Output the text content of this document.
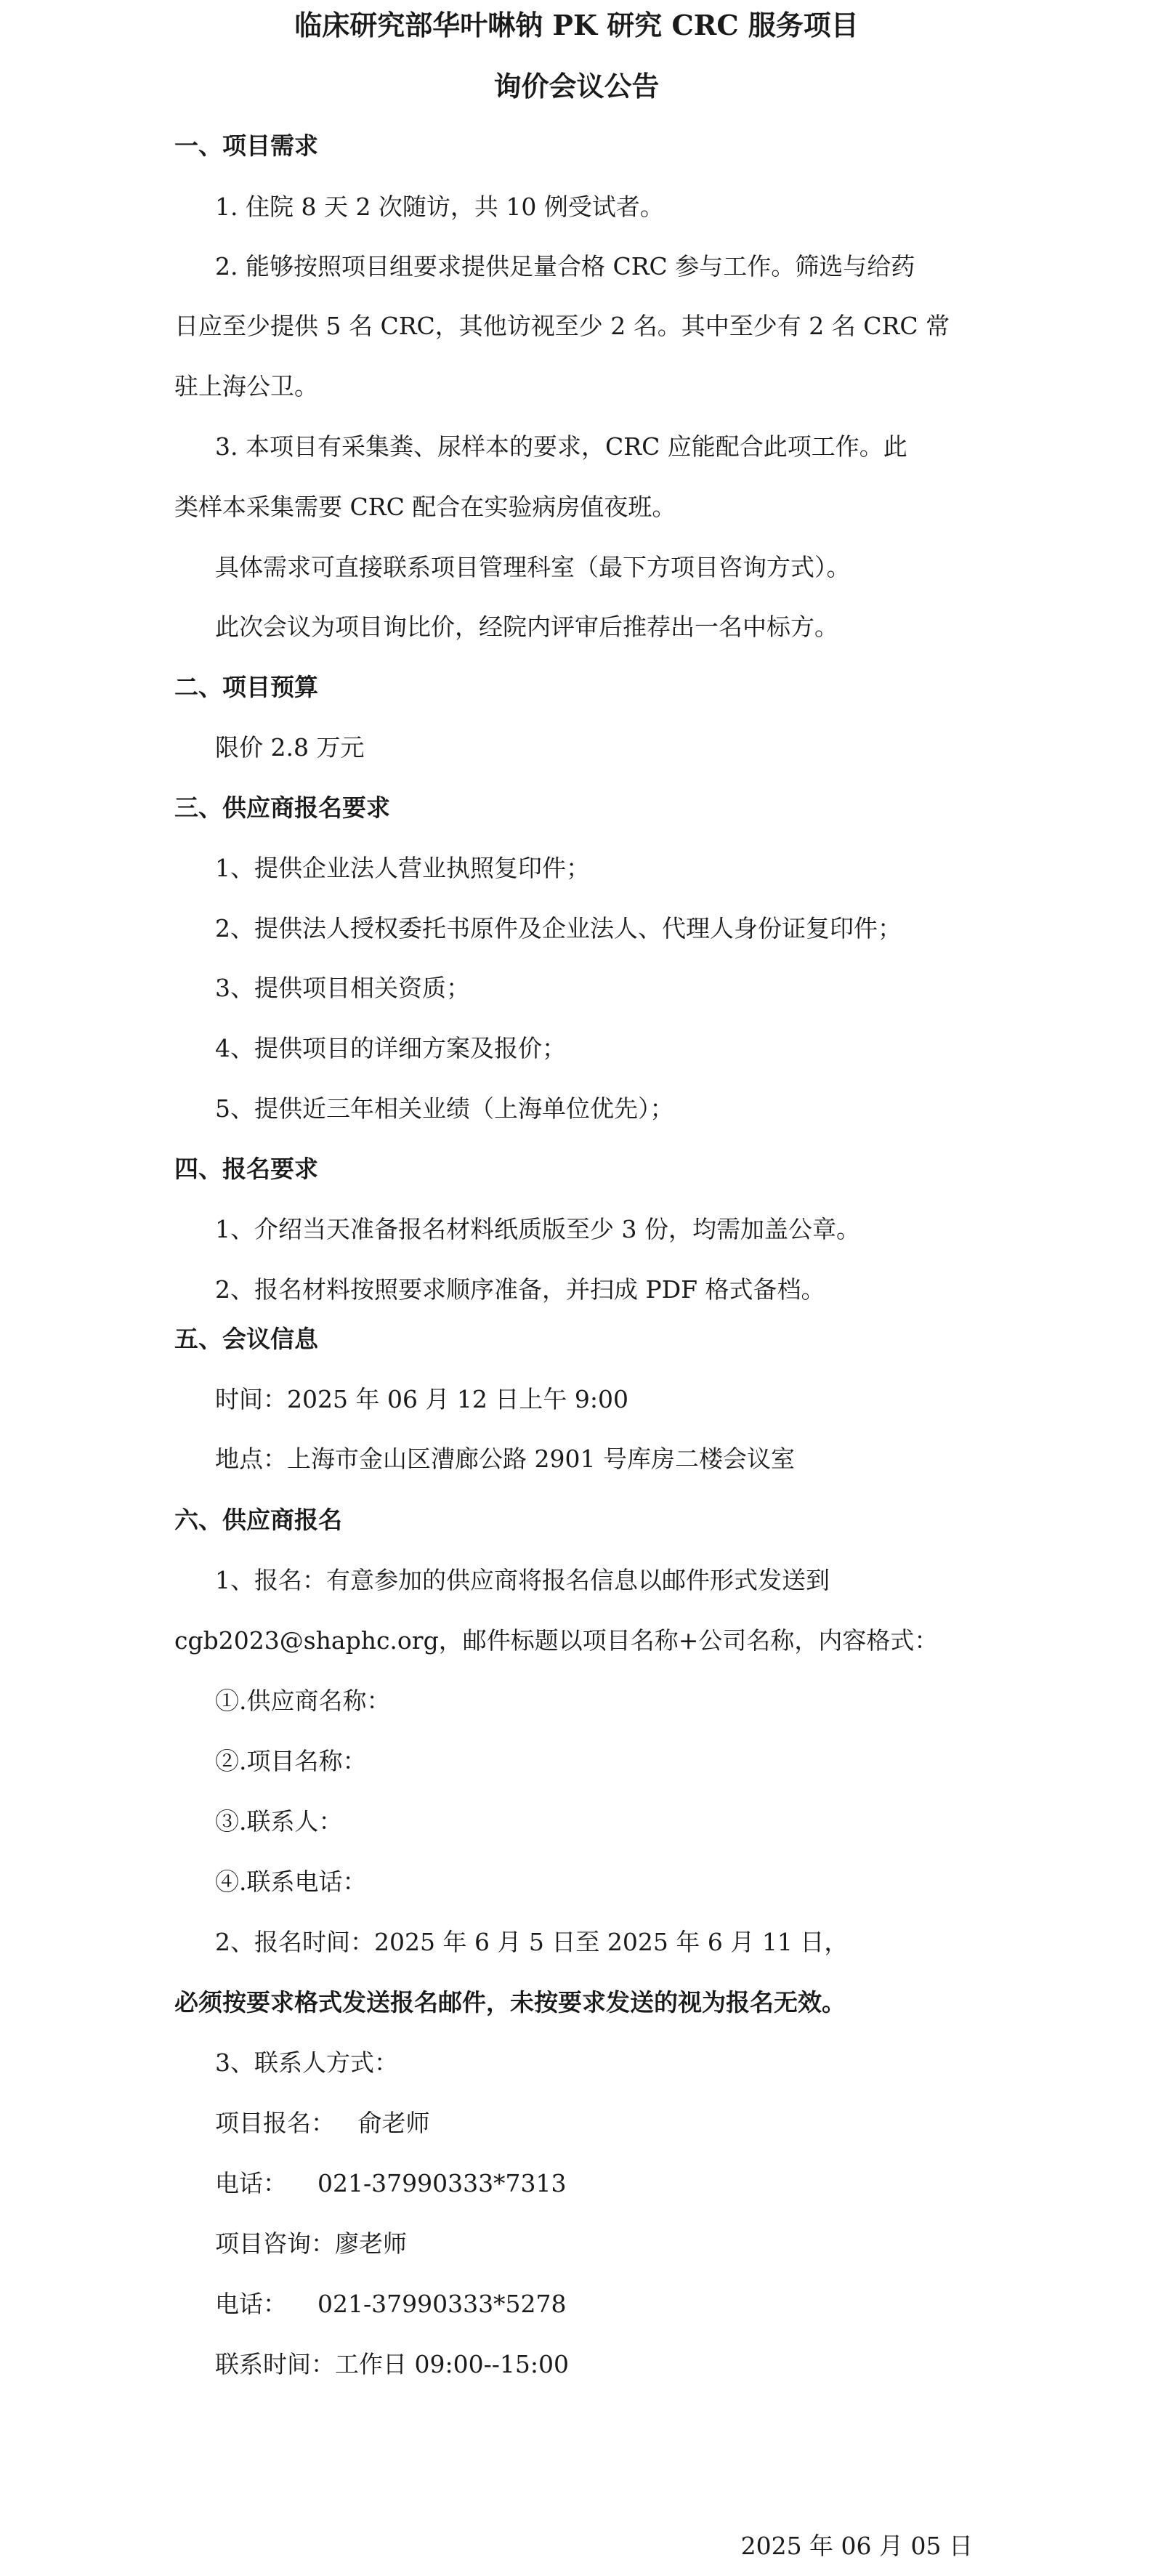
临床研究部华叶啉钠 PK 研究 CRC 服务项目
询价会议公告
一、项目需求
1. 住院 8 天 2 次随访，共 10 例受试者。
2. 能够按照项目组要求提供足量合格 CRC 参与工作。筛选与给药
日应至少提供 5 名 CRC，其他访视至少 2 名。其中至少有 2 名 CRC 常
驻上海公卫。
3. 本项目有采集粪、尿样本的要求，CRC 应能配合此项工作。此
类样本采集需要 CRC 配合在实验病房值夜班。
具体需求可直接联系项目管理科室（最下方项目咨询方式）。
此次会议为项目询比价，经院内评审后推荐出一名中标方。
二、项目预算
限价 2.8 万元
三、供应商报名要求
1、提供企业法人营业执照复印件；
2、提供法人授权委托书原件及企业法人、代理人身份证复印件；
3、提供项目相关资质；
4、提供项目的详细方案及报价；
5、提供近三年相关业绩（上海单位优先）；
四、报名要求
1、介绍当天准备报名材料纸质版至少 3 份，均需加盖公章。
2、报名材料按照要求顺序准备，并扫成 PDF 格式备档。
五、会议信息
时间：2025 年 06 月 12 日上午 9:00
地点：上海市金山区漕廊公路 2901 号库房二楼会议室
六、供应商报名
1、报名：有意参加的供应商将报名信息以邮件形式发送到
cgb2023@shaphc.org，邮件标题以项目名称+公司名称，内容格式：
①.供应商名称：
②.项目名称：
③.联系人：
④.联系电话：
2、报名时间：2025 年 6 月 5 日至 2025 年 6 月 11 日，
必须按要求格式发送报名邮件，未按要求发送的视为报名无效。
3、联系人方式：
项目报名：   俞老师
电话：    021-37990333*7313
项目咨询：廖老师
电话：    021-37990333*5278
联系时间：工作日 09:00--15:00
2025 年 06 月 05 日
